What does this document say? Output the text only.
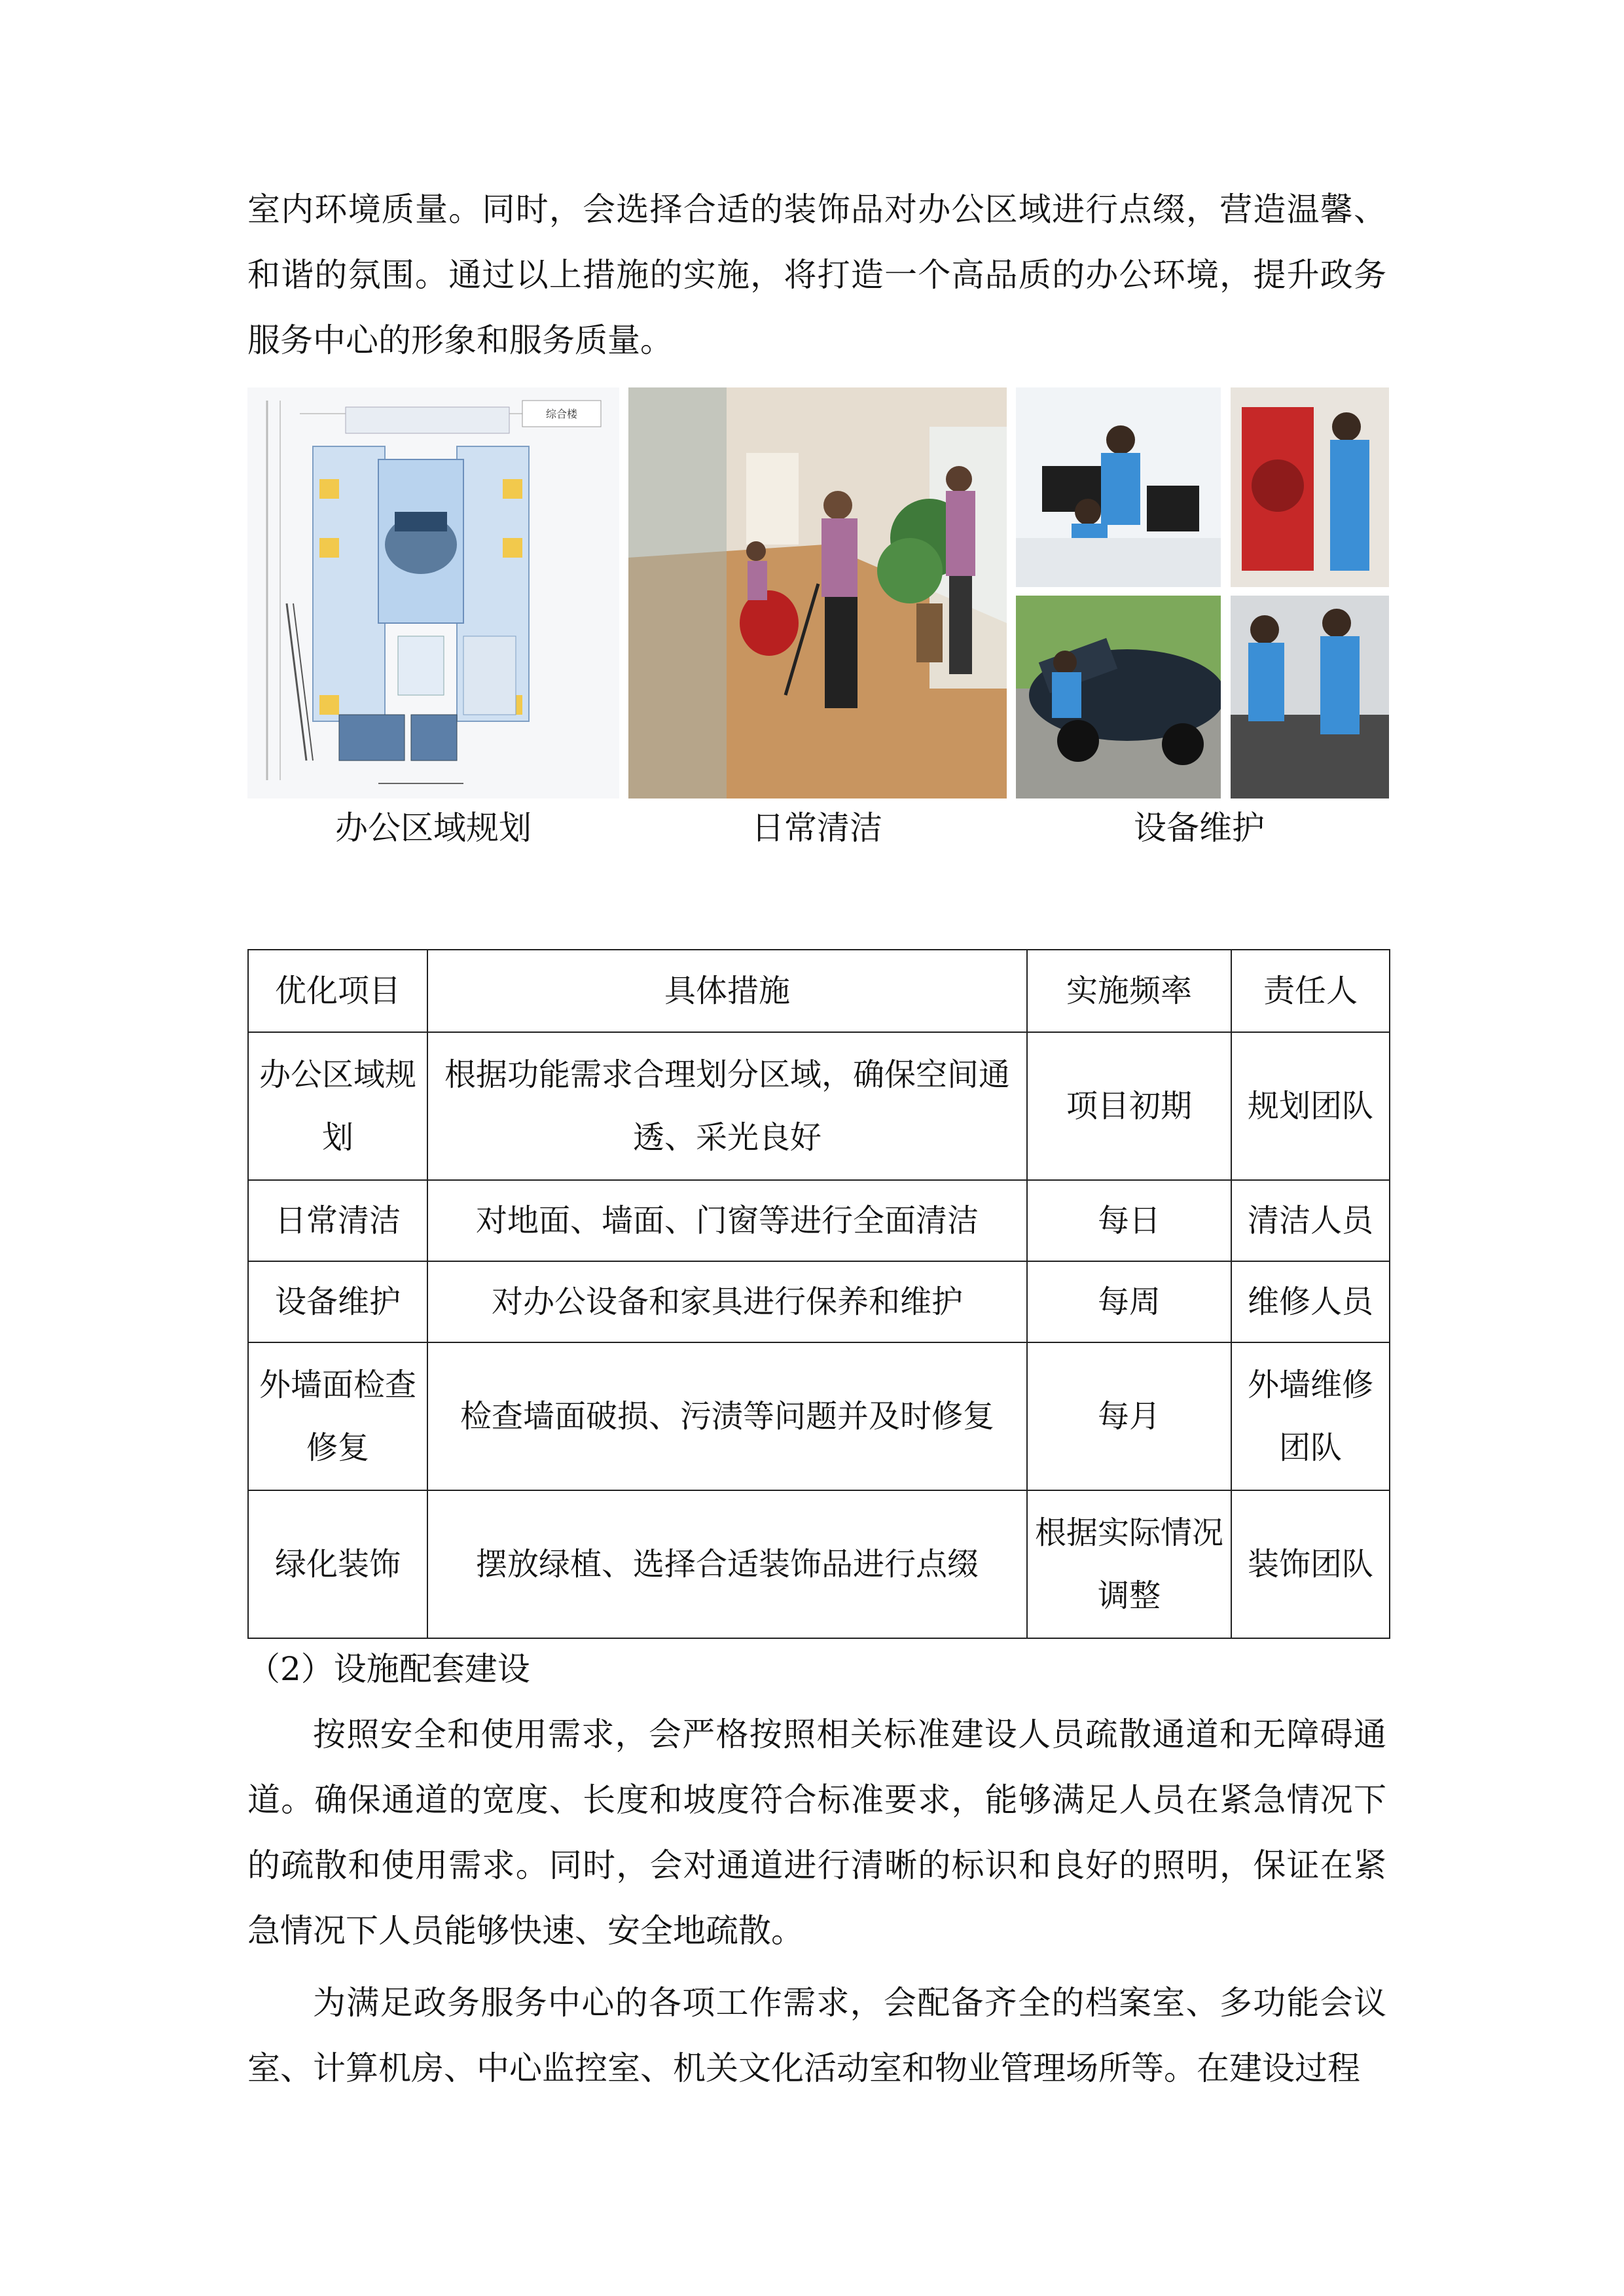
室内环境质量。同时，会选择合适的装饰品对办公区域进行点缀，营造温馨、和谐的氛围。通过以上措施的实施，将打造一个高品质的办公环境，提升政务服务中心的形象和服务质量。

综合楼
办公区域规划	日常清洁	设备维护
优化项目	具体措施	实施频率	责任人
办公区域规划	根据功能需求合理划分区域，确保空间通透、采光良好	项目初期	规划团队
日常清洁	对地面、墙面、门窗等进行全面清洁	每日	清洁人员
设备维护	对办公设备和家具进行保养和维护	每周	维修人员
外墙面检查修复	检查墙面破损、污渍等问题并及时修复	每月	外墙维修团队
绿化装饰	摆放绿植、选择合适装饰品进行点缀	根据实际情况调整	装饰团队
（2）设施配套建设

按照安全和使用需求，会严格按照相关标准建设人员疏散通道和无障碍通道。确保通道的宽度、长度和坡度符合标准要求，能够满足人员在紧急情况下的疏散和使用需求。同时，会对通道进行清晰的标识和良好的照明，保证在紧急情况下人员能够快速、安全地疏散。

为满足政务服务中心的各项工作需求，会配备齐全的档案室、多功能会议室、计算机房、中心监控室、机关文化活动室和物业管理场所等。在建设过程
